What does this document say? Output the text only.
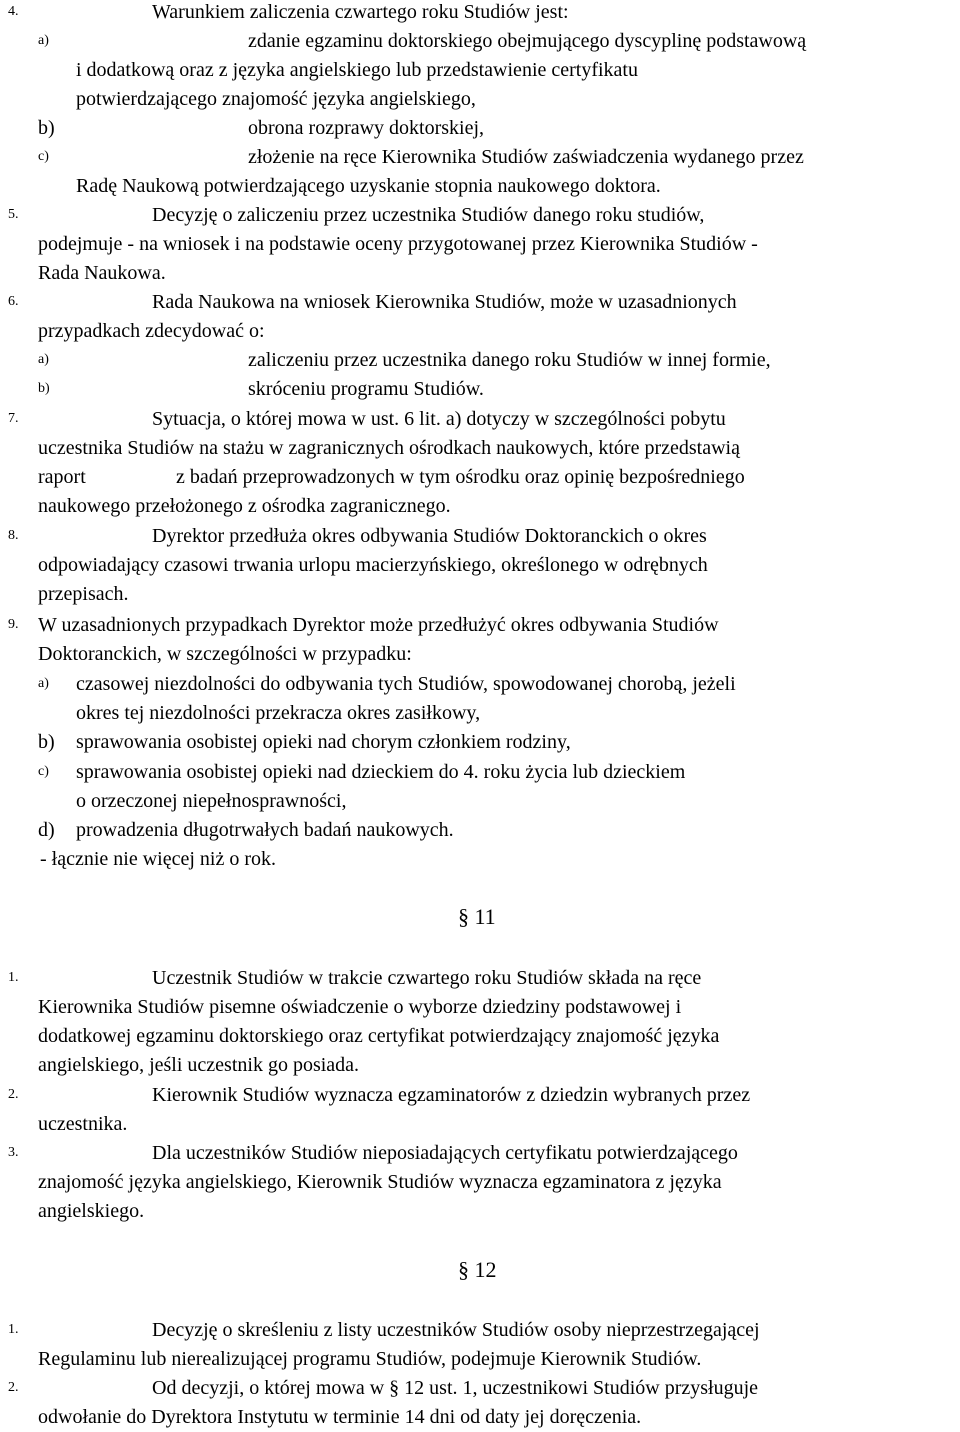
4.	Warunkiem zaliczenia czwartego roku Studiów jest:
a)	zdanie egzaminu doktorskiego obejmującego dyscyplinę podstawową
i dodatkową oraz z języka angielskiego lub przedstawienie certyfikatu
potwierdzającego znajomość języka angielskiego,
b)	obrona rozprawy doktorskiej,
c)	złożenie na ręce Kierownika Studiów zaświadczenia wydanego przez
Radę Naukową potwierdzającego uzyskanie stopnia naukowego doktora.
5.	Decyzję o zaliczeniu przez uczestnika Studiów danego roku studiów,
podejmuje - na wniosek i na podstawie oceny przygotowanej przez Kierownika Studiów -
Rada Naukowa.
6.	Rada Naukowa na wniosek Kierownika Studiów, może w uzasadnionych
przypadkach zdecydować o:
a)	zaliczeniu przez uczestnika danego roku Studiów w innej formie,
b)	skróceniu programu Studiów.
7.	Sytuacja, o której mowa w ust. 6 lit. a) dotyczy w szczególności pobytu
uczestnika Studiów na stażu w zagranicznych ośrodkach naukowych, które przedstawią
raport	z badań przeprowadzonych w tym ośrodku oraz opinię bezpośredniego
naukowego przełożonego z ośrodka zagranicznego.
8.	Dyrektor przedłuża okres odbywania Studiów Doktoranckich o okres
odpowiadający czasowi trwania urlopu macierzyńskiego, określonego w odrębnych
przepisach.
9. W uzasadnionych przypadkach Dyrektor może przedłużyć okres odbywania Studiów
Doktoranckich, w szczególności w przypadku:
a) czasowej niezdolności do odbywania tych Studiów, spowodowanej chorobą, jeżeli
okres tej niezdolności przekracza okres zasiłkowy,
b) sprawowania osobistej opieki nad chorym członkiem rodziny,
c) sprawowania osobistej opieki nad dzieckiem do 4. roku życia lub dzieckiem
o orzeczonej niepełnosprawności,
d) prowadzenia długotrwałych badań naukowych.
- łącznie nie więcej niż o rok.
§ 11
1.	Uczestnik Studiów w trakcie czwartego roku Studiów składa na ręce
Kierownika Studiów pisemne oświadczenie o wyborze dziedziny podstawowej i
dodatkowej egzaminu doktorskiego oraz certyfikat potwierdzający znajomość języka
angielskiego, jeśli uczestnik go posiada.
2.	Kierownik Studiów wyznacza egzaminatorów z dziedzin wybranych przez
uczestnika.
3.	Dla uczestników Studiów nieposiadających certyfikatu potwierdzającego
znajomość języka angielskiego, Kierownik Studiów wyznacza egzaminatora z języka
angielskiego.
§ 12
1.	Decyzję o skreśleniu z listy uczestników Studiów osoby nieprzestrzegającej
Regulaminu lub nierealizującej programu Studiów, podejmuje Kierownik Studiów.
2.	Od decyzji, o której mowa w § 12 ust. 1, uczestnikowi Studiów przysługuje
odwołanie do Dyrektora Instytutu w terminie 14 dni od daty jej doręczenia.
